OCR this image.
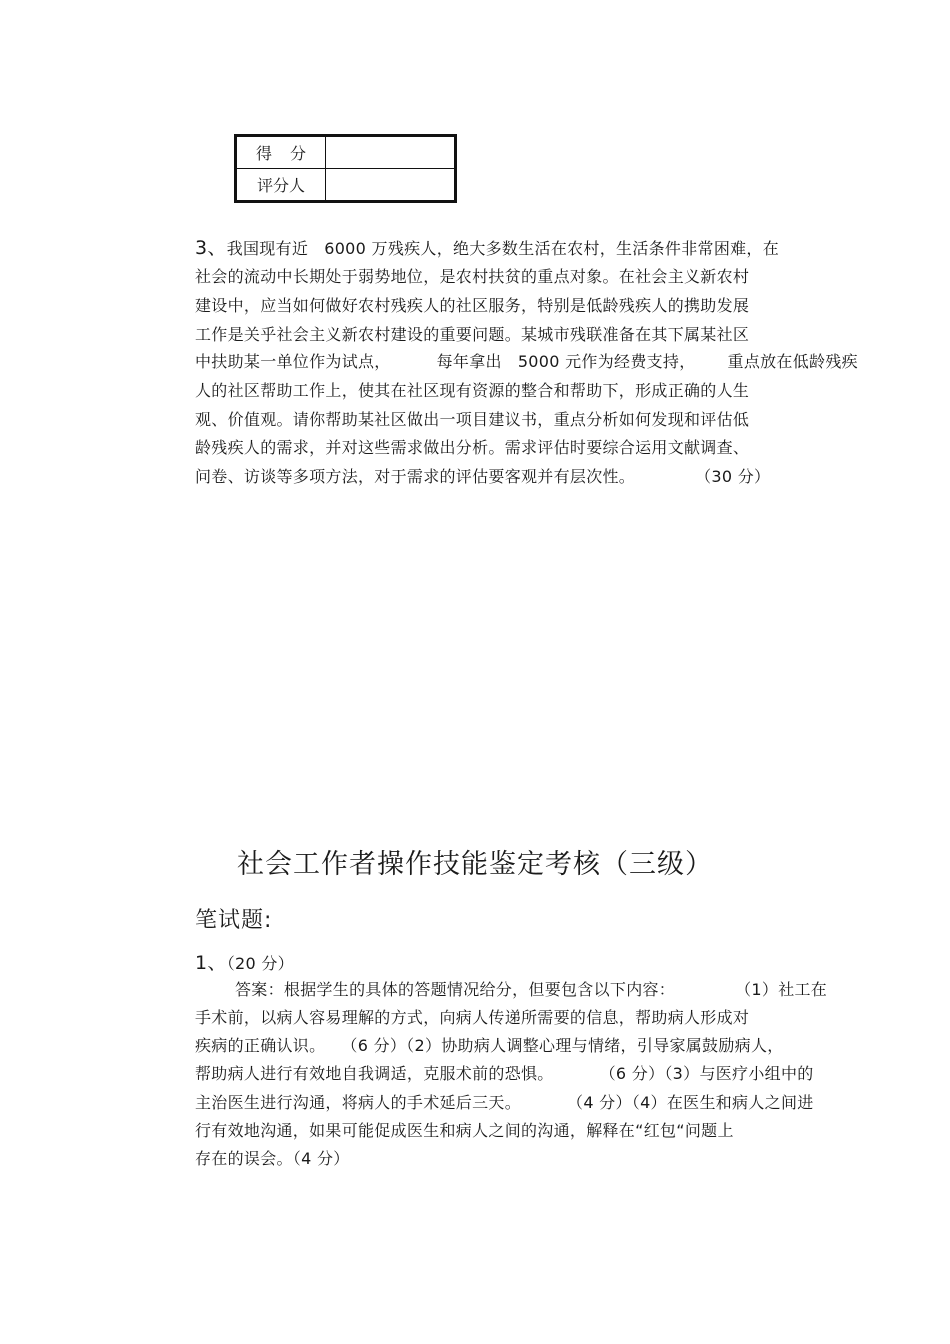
得分	
评分人	
3、我国现有近 6000 万残疾人，绝大多数生活在农村，生活条件非常困难，在
社会的流动中长期处于弱势地位，是农村扶贫的重点对象。在社会主义新农村
建设中，应当如何做好农村残疾人的社区服务，特别是低龄残疾人的携助发展
工作是关乎社会主义新农村建设的重要问题。某城市残联准备在其下属某社区
中扶助某一单位作为试点，	每年拿出 5000 元作为经费支持， 重点放在低龄残疾
人的社区帮助工作上，使其在社区现有资源的整合和帮助下，形成正确的人生
观、价值观。请你帮助某社区做出一项目建议书，重点分析如何发现和评估低
龄残疾人的需求，并对这些需求做出分析。需求评估时要综合运用文献调查、
问卷、访谈等多项方法，对于需求的评估要客观并有层次性。	（30 分）
社会工作者操作技能鉴定考核（三级）
笔试题:
1、（20 分）
答案：根据学生的具体的答题情况给分，但要包含以下内容：	（1）社工在
手术前，以病人容易理解的方式，向病人传递所需要的信息，帮助病人形成对
疾病的正确认识。 （6 分）（2）协助病人调整心理与情绪，引导家属鼓励病人，
帮助病人进行有效地自我调适，克服术前的恐惧。	（6 分）（3）与医疗小组中的
主治医生进行沟通，将病人的手术延后三天。	（4 分）（4）在医生和病人之间进
行有效地沟通，如果可能促成医生和病人之间的沟通，解释在“红包“问题上
存在的误会。（4 分）
